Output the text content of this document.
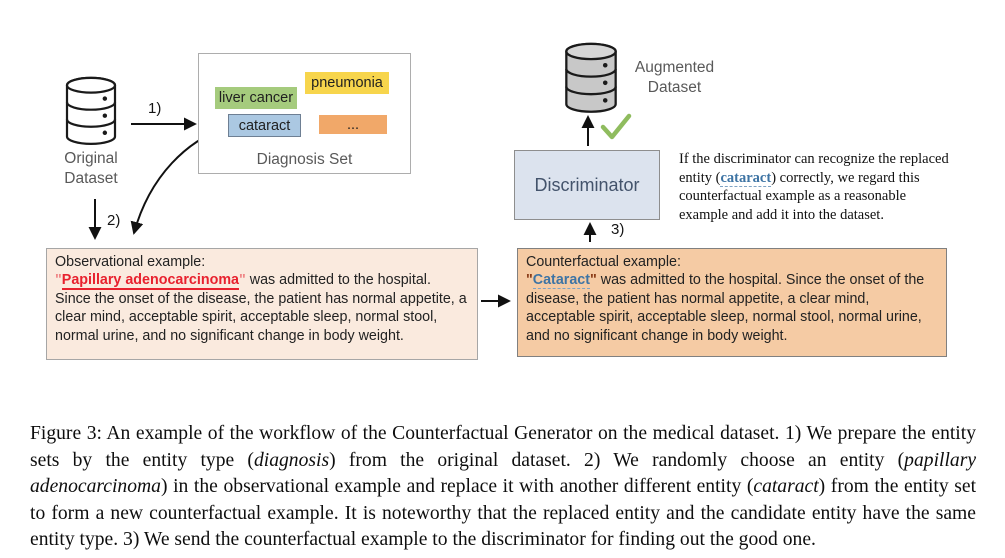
Original Dataset
1)
2)
3)
pneumonia
liver cancer
cataract	...
Diagnosis Set
Observational example:
"Papillary adenocarcinoma" was admitted to the hospital. Since the onset of the disease, the patient has normal appetite, a clear mind, acceptable spirit, acceptable sleep, normal stool, normal urine, and no significant change in body weight.
Counterfactual example:
"Cataract" was admitted to the hospital. Since the onset of the disease, the patient has normal appetite, a clear mind, acceptable spirit, acceptable sleep, normal stool, normal urine, and no significant change in body weight.
Discriminator
Augmented Dataset
If the discriminator can recognize the replaced entity (cataract) correctly, we regard this counterfactual example as a reasonable example and add it into the dataset.
Figure 3: An example of the workflow of the Counterfactual Generator on the medical dataset. 1) We prepare the entity sets by the entity type (diagnosis) from the original dataset. 2) We randomly choose an entity (papillary adenocarcinoma) in the observational example and replace it with another different entity (cataract) from the entity set to form a new counterfactual example. It is noteworthy that the replaced entity and the candidate entity have the same entity type. 3) We send the counterfactual example to the discriminator for finding out the good one.
